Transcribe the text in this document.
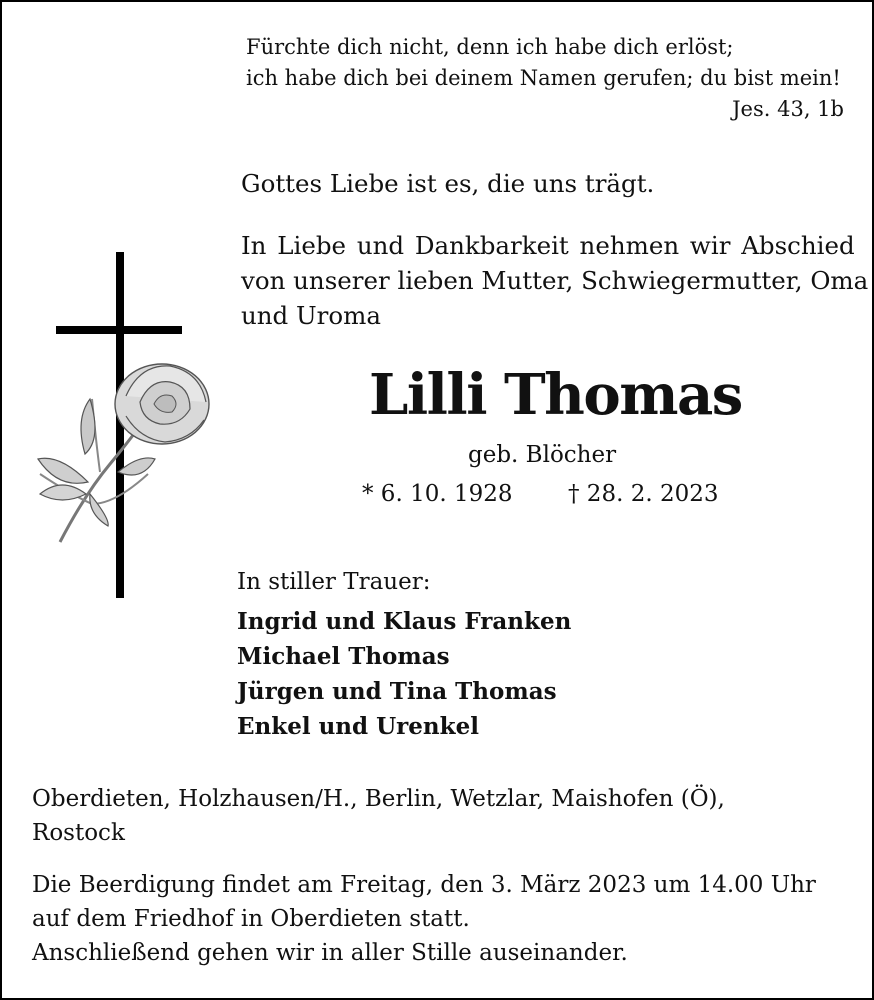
Fürchte dich nicht, denn ich habe dich erlöst;
ich habe dich bei deinem Namen gerufen; du bist mein!
Jes. 43, 1b
Gottes Liebe ist es, die uns trägt.
In Liebe und Dankbarkeit nehmen wir Abschied
von unserer lieben Mutter, Schwiegermutter, Oma
und Uroma
Lilli Thomas
geb. Blöcher
* 6. 10. 1928 † 28. 2. 2023
In stiller Trauer:
Ingrid und Klaus Franken
Michael Thomas
Jürgen und Tina Thomas
Enkel und Urenkel
Oberdieten, Holzhausen/H., Berlin, Wetzlar, Maishofen (Ö),
Rostock
Die Beerdigung findet am Freitag, den 3. März 2023 um 14.00 Uhr
auf dem Friedhof in Oberdieten statt.
Anschließend gehen wir in aller Stille auseinander.
